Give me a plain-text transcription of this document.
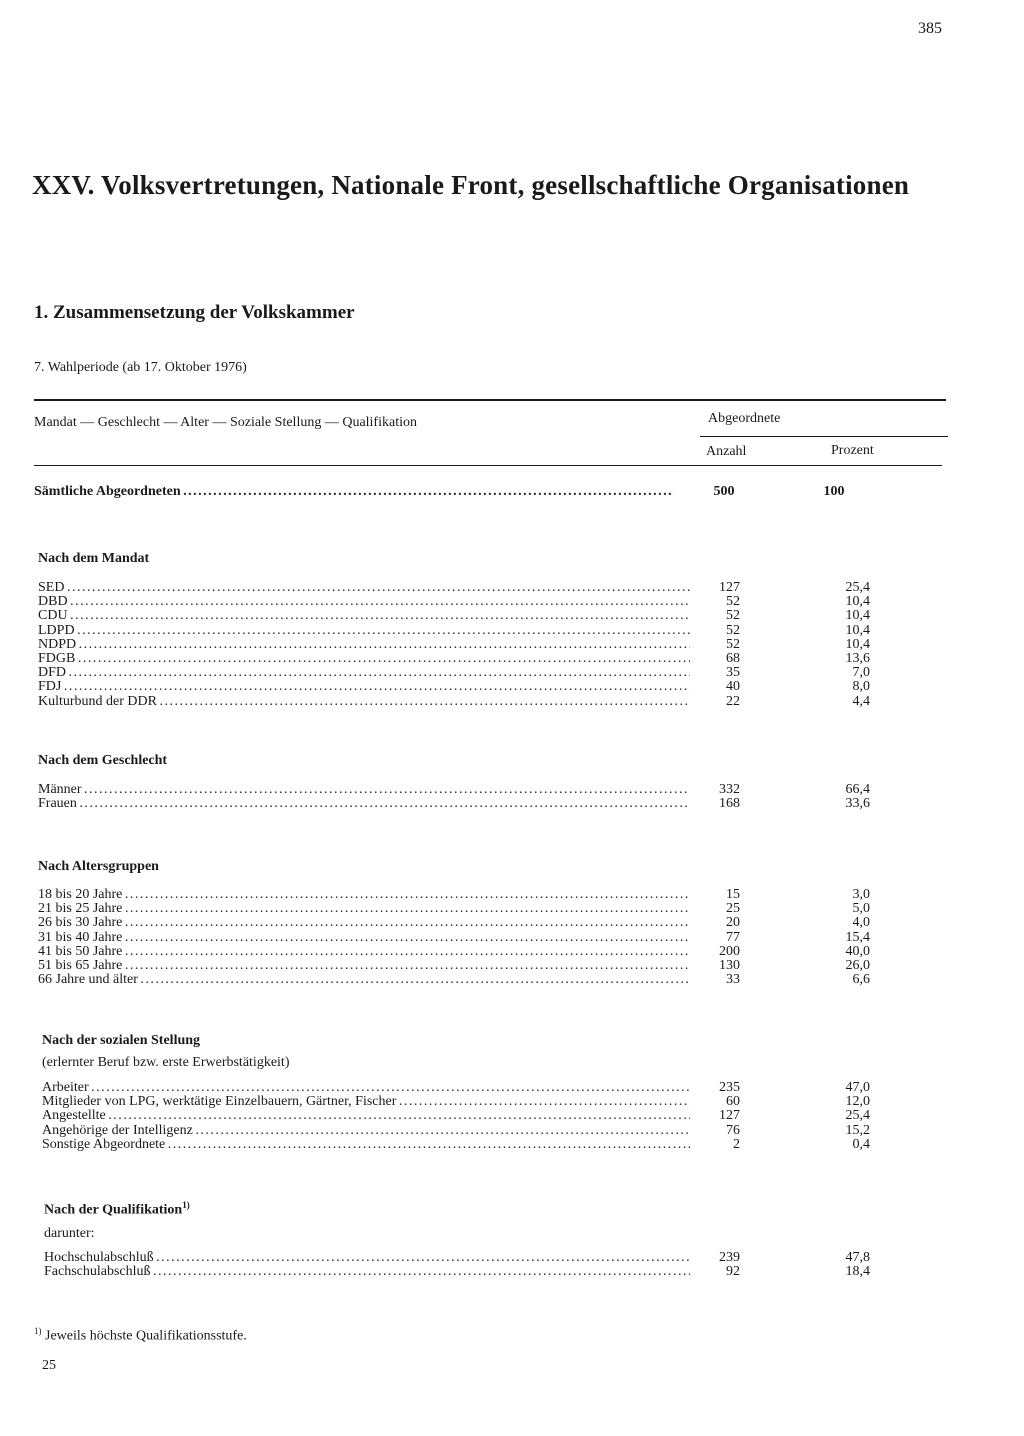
385
XXV. Volksvertretungen, Nationale Front, gesellschaftliche Organisationen
1. Zusammensetzung der Volkskammer
7. Wahlperiode (ab 17. Oktober 1976)
Mandat — Geschlecht — Alter — Soziale Stellung — Qualifikation	Abgeordnete
Anzahl	Prozent
Sämtliche Abgeordneten . . .	500	100
Nach dem Mandat
Nach dem Geschlecht
Nach Altersgruppen
Nach der sozialen Stellung
(erlernter Beruf bzw. erste Erwerbstätigkeit)
Nach der Qualifikation$^{1)}$
darunter:
$^{1)}$ Jeweils höchste Qualifikationsstufe.
25
SED . . .	127	25,4
DBD . . .	52	10,4
CDU . . .	52	10,4
LDPD . . .	52	10,4
NDPD . . .	52	10,4
FDGB . . .	68	13,6
DFD . . .	35	7,0
FDJ . . .	40	8,0
Kulturbund der DDR . . .	22	4,4
Männer . . .	332	66,4
Frauen . . .	168	33,6
18 bis 20 Jahre . . .	15	3,0
21 bis 25 Jahre . . .	25	5,0
26 bis 30 Jahre . . .	20	4,0
31 bis 40 Jahre . . .	77	15,4
41 bis 50 Jahre . . .	200	40,0
51 bis 65 Jahre . . .	130	26,0
66 Jahre und älter . . .	33	6,6
Arbeiter . . .	235	47,0
Mitglieder von LPG, werktätige Einzelbauern, Gärtner, Fischer . . .	60	12,0
Angestellte . . .	127	25,4
Angehörige der Intelligenz . . .	76	15,2
Sonstige Abgeordnete . . .	2	0,4
Hochschulabschluß . . .	239	47,8
Fachschulabschluß . . .	92	18,4
